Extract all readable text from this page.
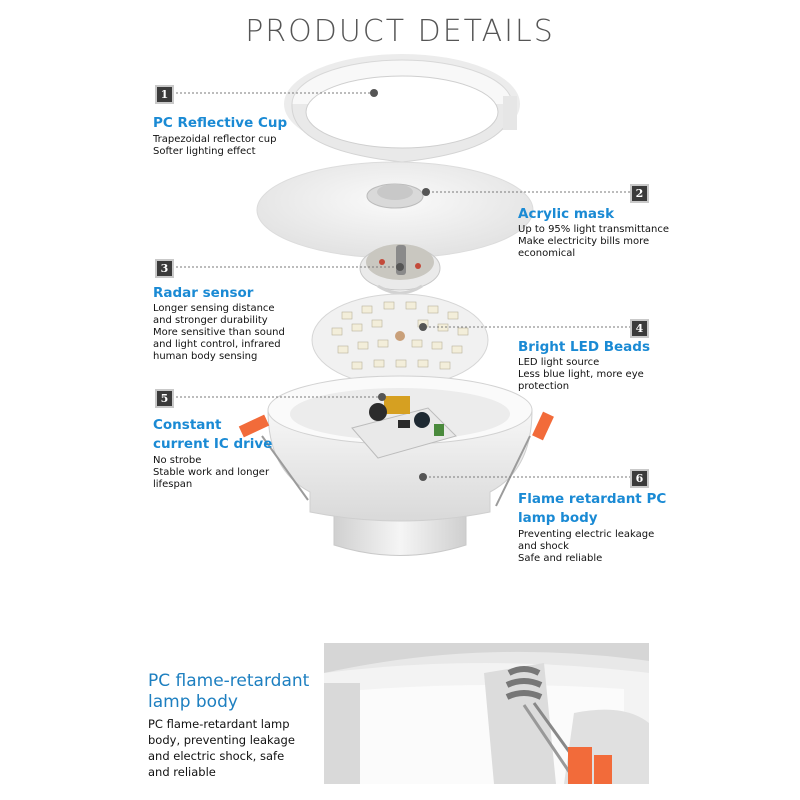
PRODUCT DETAILS
1
2
3
4
5
6
PC Reflective Cup
Trapezoidal reflector cup
Softer lighting effect
Acrylic mask
Up to 95% light transmittance
Make electricity bills more
economical
Radar sensor
Longer sensing distance
and stronger durability
More sensitive than sound
and light control, infrared
human body sensing
Bright LED Beads
LED light source
Less blue light, more eye
protection
Constant
current IC drive
No strobe
Stable work and longer
lifespan
Flame retardant PC
lamp body
Preventing electric leakage
and shock
Safe and reliable
PC flame-retardant
lamp body
PC flame-retardant lamp
body, preventing leakage
and electric shock, safe
and reliable
